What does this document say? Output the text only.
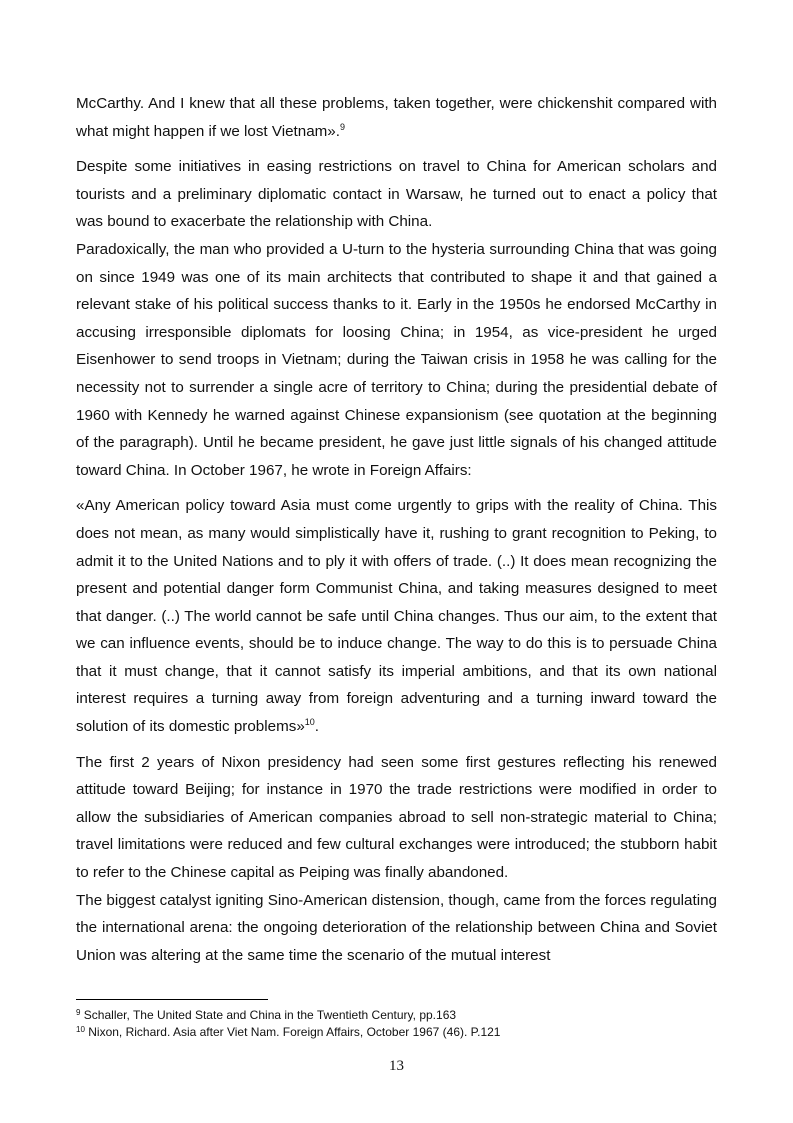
McCarthy. And I knew that all these problems, taken together, were chickenshit compared with what might happen if we lost Vietnam».$^9$

Despite some initiatives in easing restrictions on travel to China for American scholars and tourists and a preliminary diplomatic contact in Warsaw, he turned out to enact a policy that was bound to exacerbate the relationship with China.

Paradoxically, the man who provided a U-turn to the hysteria surrounding China that was going on since 1949 was one of its main architects that contributed to shape it and that gained a relevant stake of his political success thanks to it. Early in the 1950s he endorsed McCarthy in accusing irresponsible diplomats for loosing China; in 1954, as vice-president he urged Eisenhower to send troops in Vietnam; during the Taiwan crisis in 1958 he was calling for the necessity not to surrender a single acre of territory to China; during the presidential debate of 1960 with Kennedy he warned against Chinese expansionism (see quotation at the beginning of the paragraph). Until he became president, he gave just little signals of his changed attitude toward China. In October 1967, he wrote in Foreign Affairs:

«Any American policy toward Asia must come urgently to grips with the reality of China. This does not mean, as many would simplistically have it, rushing to grant recognition to Peking, to admit it to the United Nations and to ply it with offers of trade. (..) It does mean recognizing the present and potential danger form Communist China, and taking measures designed to meet that danger. (..) The world cannot be safe until China changes. Thus our aim, to the extent that we can influence events, should be to induce change. The way to do this is to persuade China that it must change, that it cannot satisfy its imperial ambitions, and that its own national interest requires a turning away from foreign adventuring and a turning inward toward the solution of its domestic problems»$^{10}$.

The first 2 years of Nixon presidency had seen some first gestures reflecting his renewed attitude toward Beijing; for instance in 1970 the trade restrictions were modified in order to allow the subsidiaries of American companies abroad to sell non-strategic material to China; travel limitations were reduced and few cultural exchanges were introduced; the stubborn habit to refer to the Chinese capital as Peiping was finally abandoned.

The biggest catalyst igniting Sino-American distension, though, came from the forces regulating the international arena: the ongoing deterioration of the relationship between China and Soviet Union was altering at the same time the scenario of the mutual interest

$^9$ Schaller, The United State and China in the Twentieth Century, pp.163

$^{10}$ Nixon, Richard. Asia after Viet Nam. Foreign Affairs, October 1967 (46). P.121

13
